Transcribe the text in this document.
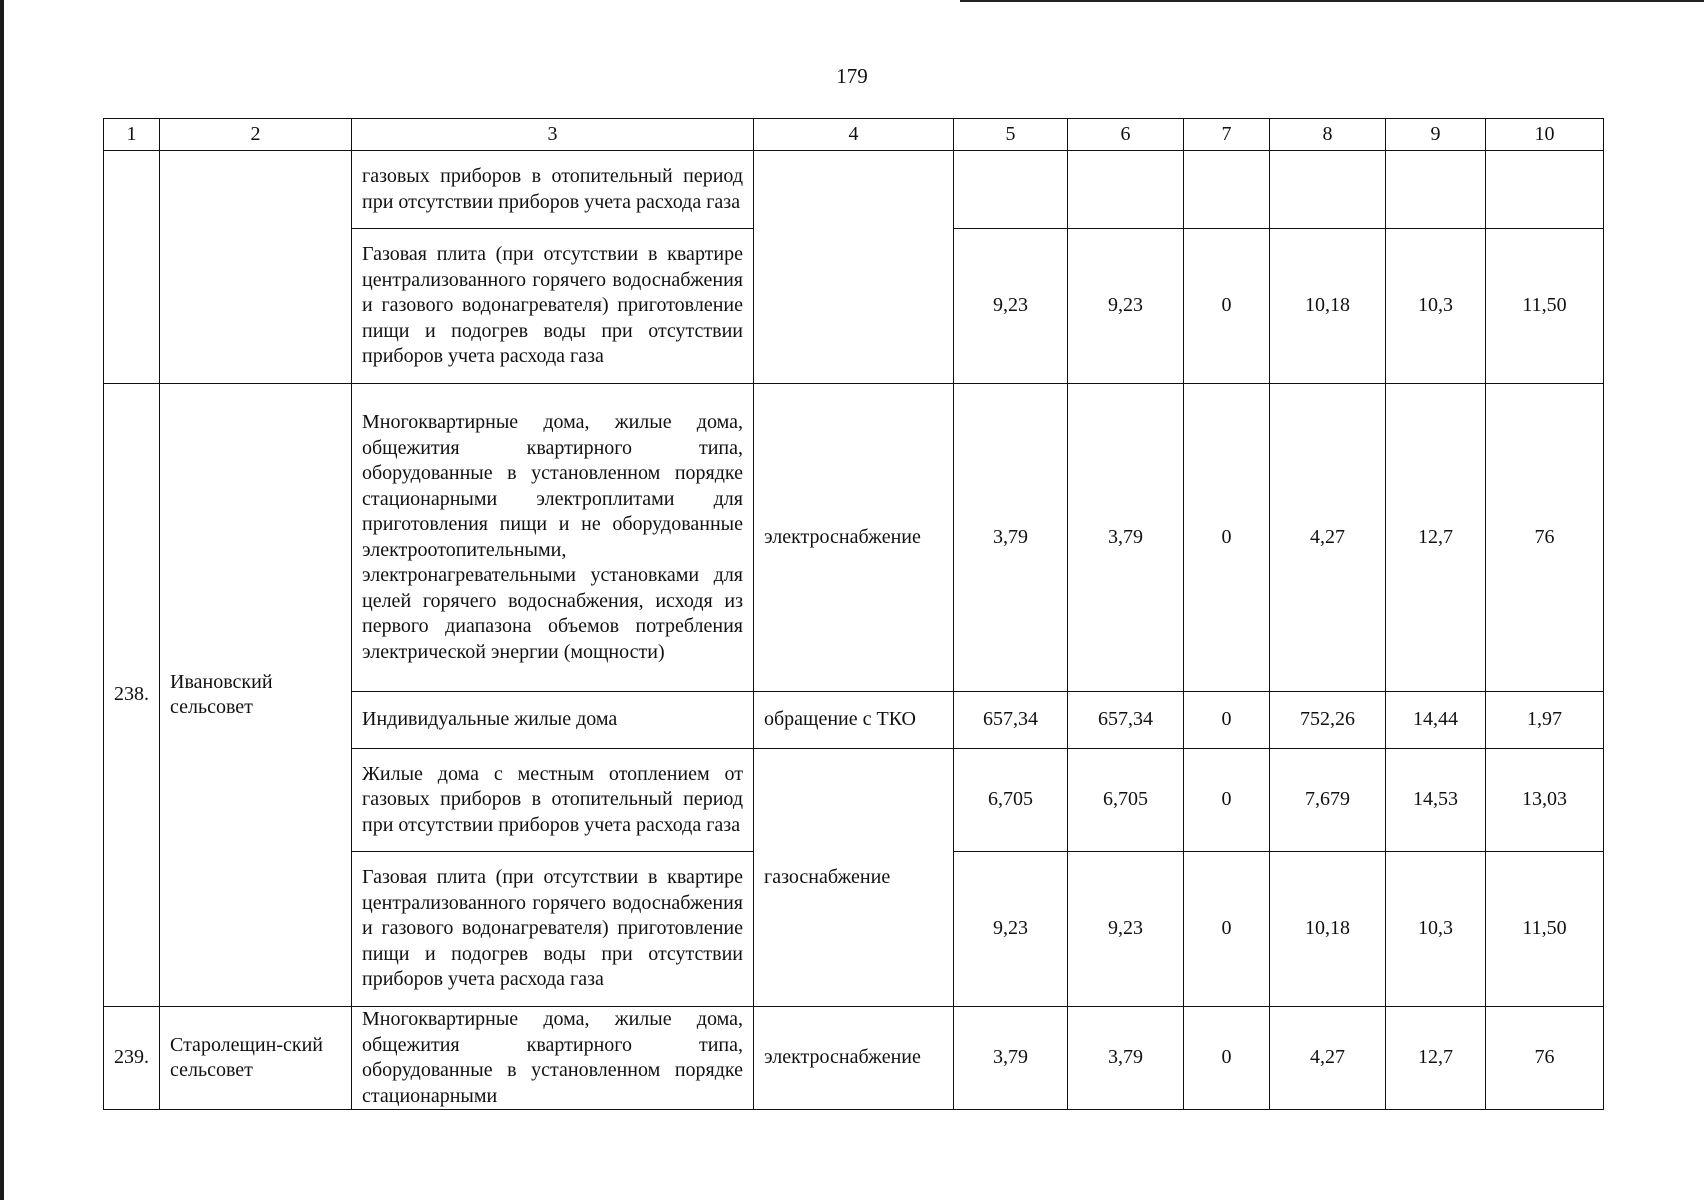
179
1	2	3	4	5	6	7	8	9	10
		газовых приборов в отопительный период при отсутствии приборов учета расхода газа							
		Газовая плита (при отсутствии в квартире централизованного горячего водоснабжения и газового водонагревателя) приготовление пищи и подогрев воды при отсутствии приборов учета расхода газа		9,23	9,23	0	10,18	10,3	11,50
238.	Ивановский сельсовет	Многоквартирные дома, жилые дома, общежития квартирного типа, оборудованные в установленном порядке стационарными электроплитами для приготовления пищи и не оборудованные электроотопительными, электронагревательными установками для целей горячего водоснабжения, исходя из первого диапазона объемов потребления электрической энергии (мощности)	электроснабжение	3,79	3,79	0	4,27	12,7	76
		Индивидуальные жилые дома	обращение с ТКО	657,34	657,34	0	752,26	14,44	1,97
		Жилые дома с местным отоплением от газовых приборов в отопительный период при отсутствии приборов учета расхода газа	газоснабжение	6,705	6,705	0	7,679	14,53	13,03
		Газовая плита (при отсутствии в квартире централизованного горячего водоснабжения и газового водонагревателя) приготовление пищи и подогрев воды при отсутствии приборов учета расхода газа		9,23	9,23	0	10,18	10,3	11,50
239.	Старолещин-ский сельсовет	Многоквартирные дома, жилые дома, общежития квартирного типа, оборудованные в установленном порядке стационарными	электроснабжение	3,79	3,79	0	4,27	12,7	76
